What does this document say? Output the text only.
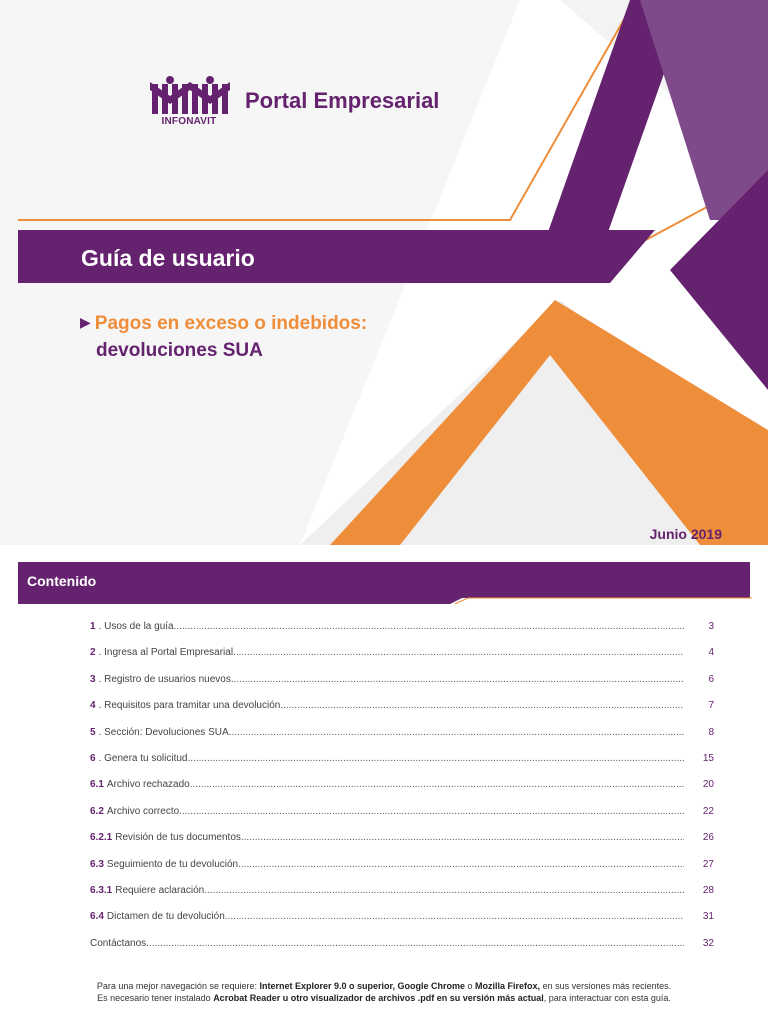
INFONAVIT
Portal Empresarial
Guía de usuario
▶ Pagos en exceso o indebidos:
devoluciones SUA
Junio 2019
Contenido
1 . Usos de la guía .....	3
2 . Ingresa al Portal Empresarial .....	4
3 . Registro de usuarios nuevos .....	6
4 . Requisitos para tramitar una devolución .....	7
5 . Sección: Devoluciones SUA .....	8
6 . Genera tu solicitud .....	15
6.1 Archivo rechazado .....	20
6.2 Archivo correcto .....	22
6.2.1 Revisión de tus documentos .....	26
6.3 Seguimiento de tu devolución .....	27
6.3.1 Requiere aclaración .....	28
6.4 Dictamen de tu devolución .....	31
Contáctanos .....	32
Para una mejor navegación se requiere: Internet Explorer 9.0 o superior, Google Chrome o Mozilla Firefox, en sus versiones más recientes.
Es necesario tener instalado Acrobat Reader u otro visualizador de archivos .pdf en su versión más actual, para interactuar con esta guía.
